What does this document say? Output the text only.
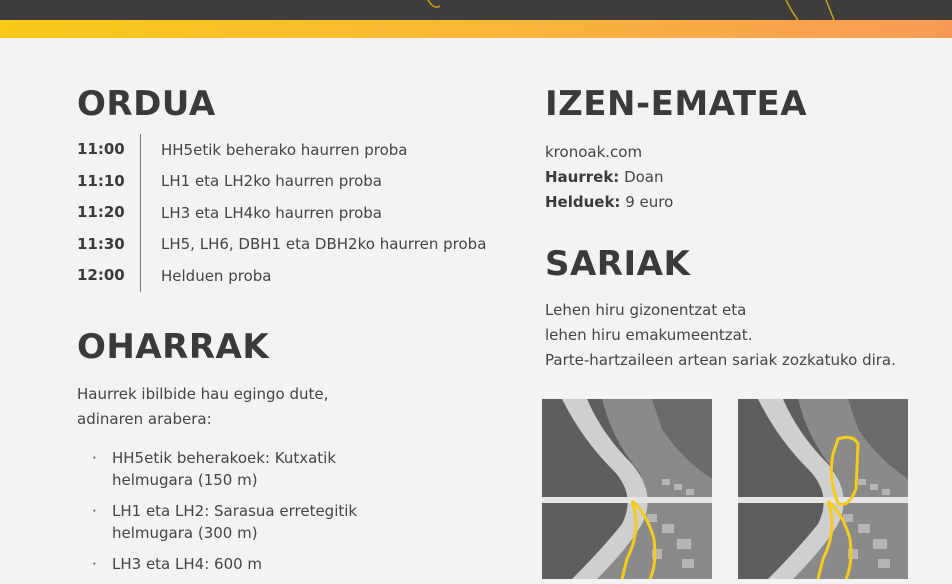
ORDUA
11:00	HH5etik beherako haurren proba
11:10	LH1 eta LH2ko haurren proba
11:20	LH3 eta LH4ko haurren proba
11:30	LH5, LH6, DBH1 eta DBH2ko haurren proba
12:00	Helduen proba
OHARRAK

Haurrek ibilbide hau egingo dute,
adinaren arabera:

· HH5etik beherakoek: Kutxatik
helmugara (150 m)
· LH1 eta LH2: Sarasua erretegitik
helmugara (300 m)
· LH3 eta LH4: 600 m
IZEN-EMATEA

kronoak.com
Haurrek: Doan
Helduek: 9 euro

SARIAK

Lehen hiru gizonentzat eta
lehen hiru emakumeentzat.
Parte-hartzaileen artean sariak zozkatuko dira.
